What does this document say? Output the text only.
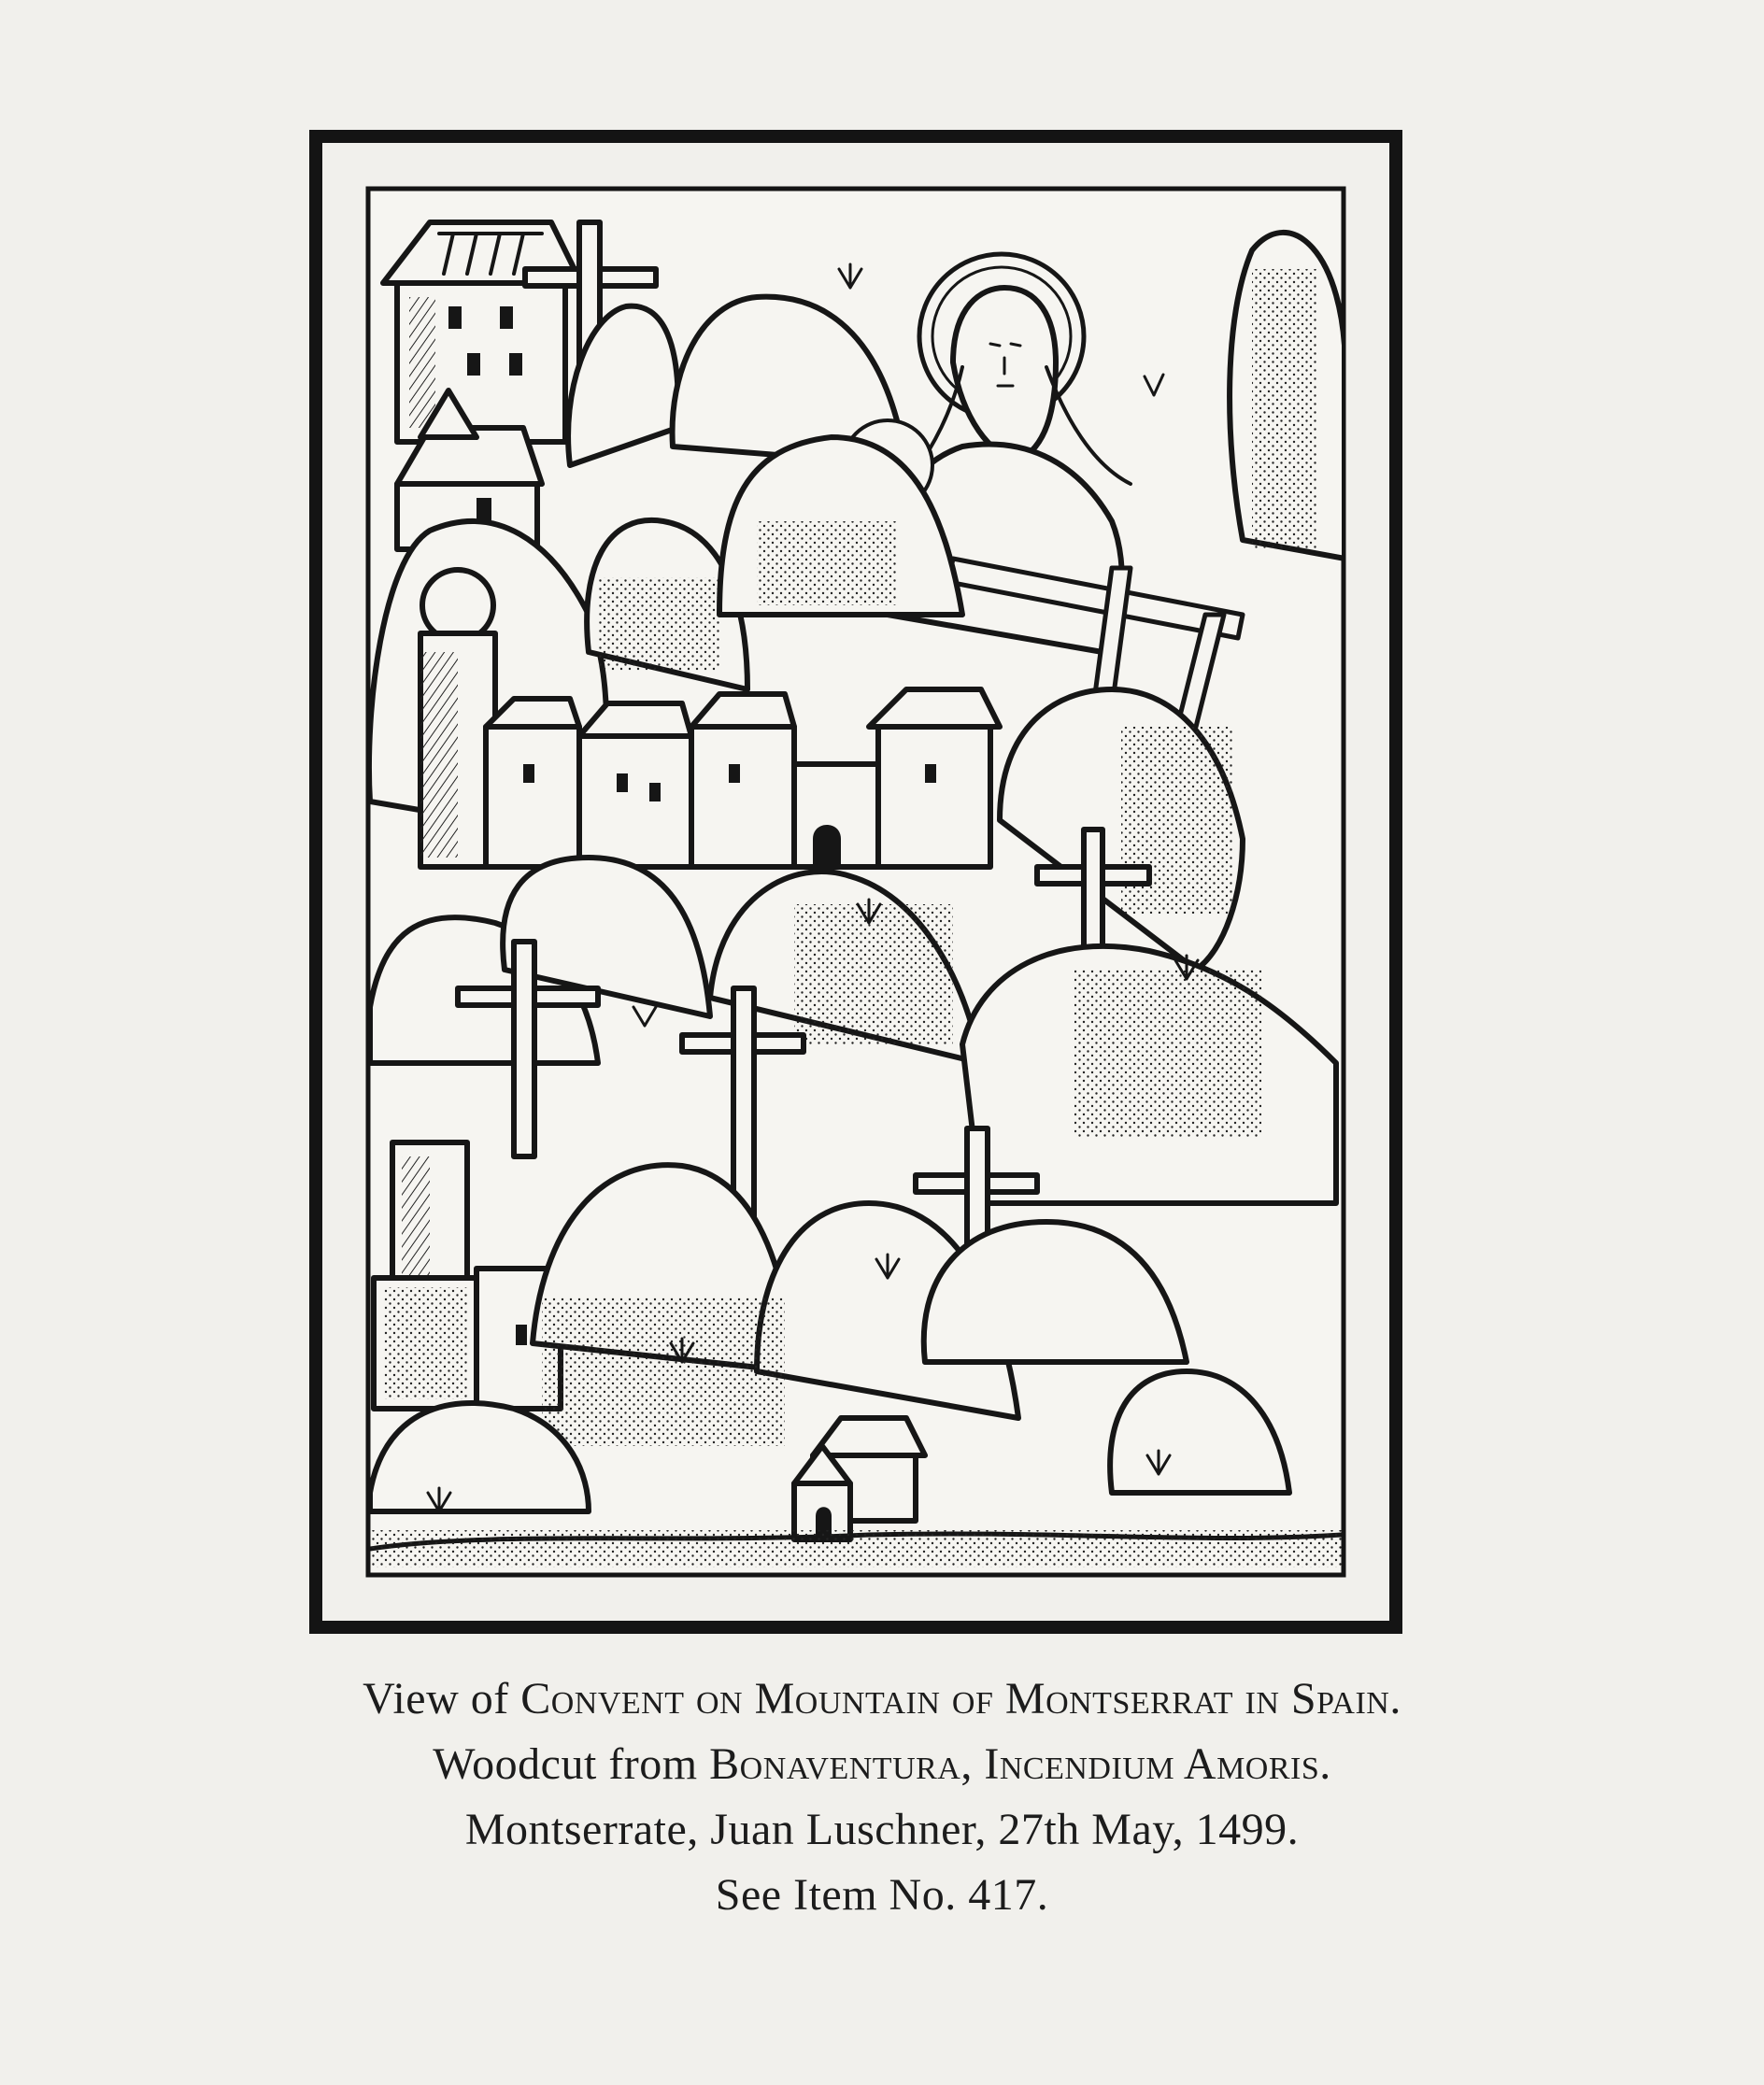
View of Convent on Mountain of Montserrat in Spain.
Woodcut from Bonaventura, Incendium Amoris.
Montserrate, Juan Luschner, 27th May, 1499.
See Item No. 417.
